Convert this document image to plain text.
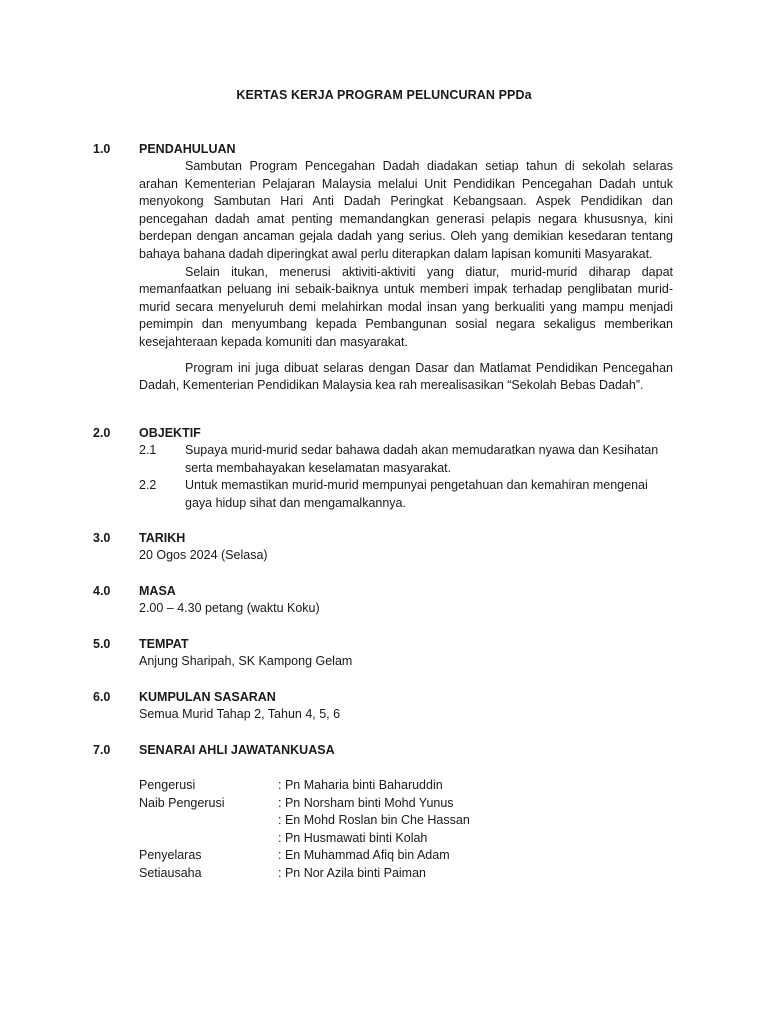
KERTAS KERJA PROGRAM PELUNCURAN PPDa
1.0 PENDAHULUAN

Sambutan Program Pencegahan Dadah diadakan setiap tahun di sekolah selaras arahan Kementerian Pelajaran Malaysia melalui Unit Pendidikan Pencegahan Dadah untuk menyokong Sambutan Hari Anti Dadah Peringkat Kebangsaan. Aspek Pendidikan dan pencegahan dadah amat penting memandangkan generasi pelapis negara khususnya, kini berdepan dengan ancaman gejala dadah yang serius. Oleh yang demikian kesedaran tentang bahaya bahana dadah diperingkat awal perlu diterapkan dalam lapisan komuniti Masyarakat.

Selain itukan, menerusi aktiviti-aktiviti yang diatur, murid-murid diharap dapat memanfaatkan peluang ini sebaik-baiknya untuk memberi impak terhadap penglibatan murid-murid secara menyeluruh demi melahirkan modal insan yang berkualiti yang mampu menjadi pemimpin dan menyumbang kepada Pembangunan sosial negara sekaligus memberikan kesejahteraan kepada komuniti dan masyarakat.

Program ini juga dibuat selaras dengan Dasar dan Matlamat Pendidikan Pencegahan Dadah, Kementerian Pendidikan Malaysia kea rah merealisasikan “Sekolah Bebas Dadah”.

2.0 OBJEKTIF
2.1 Supaya murid-murid sedar bahawa dadah akan memudaratkan nyawa dan Kesihatan serta membahayakan keselamatan masyarakat.
2.2 Untuk memastikan murid-murid mempunyai pengetahuan dan kemahiran mengenai gaya hidup sihat dan mengamalkannya.
3.0 TARIKH
20 Ogos 2024 (Selasa)
4.0 MASA
2.00 – 4.30 petang (waktu Koku)
5.0 TEMPAT
Anjung Sharipah, SK Kampong Gelam
6.0 KUMPULAN SASARAN
Semua Murid Tahap 2, Tahun 4, 5, 6
7.0 SENARAI AHLI JAWATANKUASA
Pengerusi	: Pn Maharia binti Baharuddin
Naib Pengerusi	: Pn Norsham binti Mohd Yunus
: En Mohd Roslan bin Che Hassan
: Pn Husmawati binti Kolah
Penyelaras	: En Muhammad Afiq bin Adam
Setiausaha	: Pn Nor Azila binti Paiman
